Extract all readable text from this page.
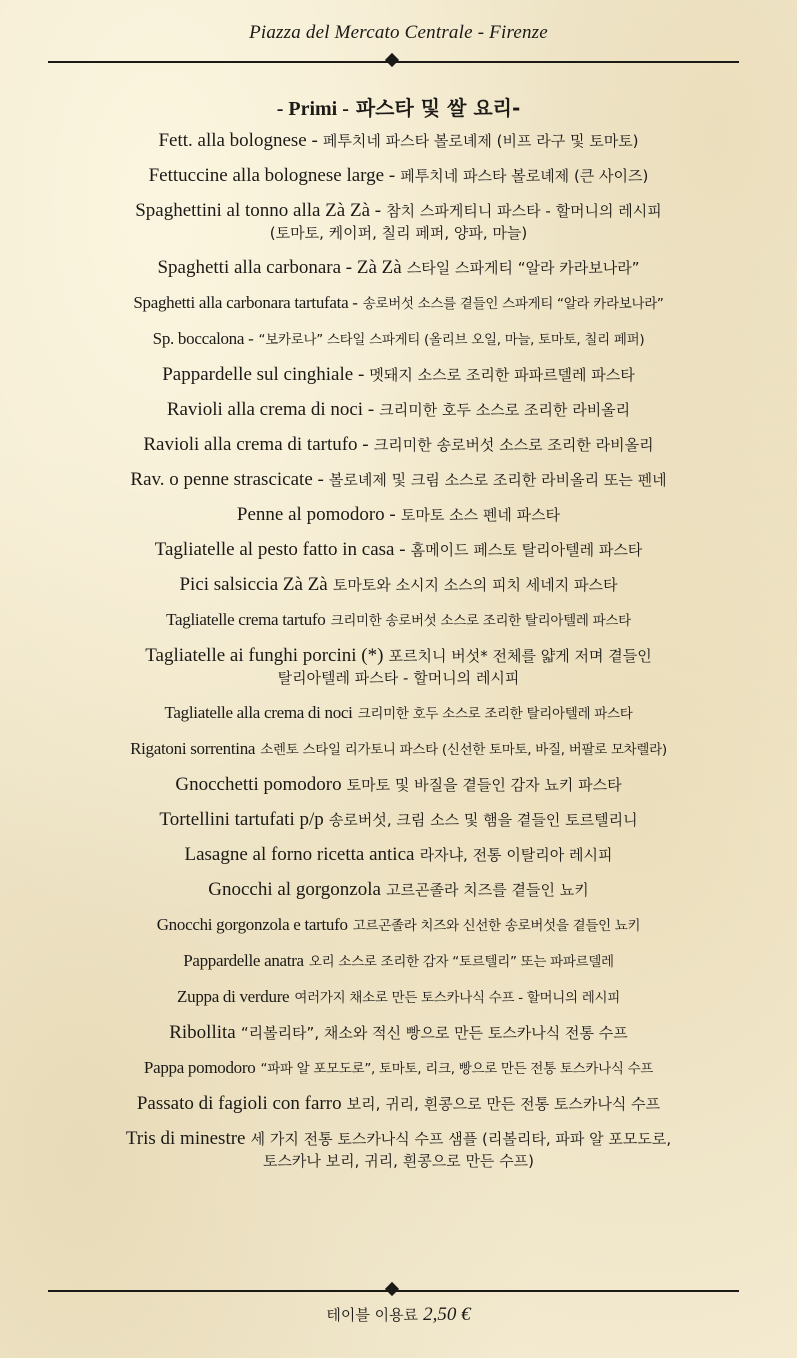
Piazza del Mercato Centrale - Firenze
- Primi - 파스타 및 쌀 요리-
Fett. alla bolognese - 페투치네 파스타 볼로녜제 (비프 라구 및 토마토)
Fettuccine alla bolognese large - 페투치네 파스타 볼로녜제 (큰 사이즈)
Spaghettini al tonno alla Zà Zà - 참치 스파게티니 파스타 - 할머니의 레시피
(토마토, 케이퍼, 칠리 페퍼, 양파, 마늘)
Spaghetti alla carbonara - Zà Zà 스타일 스파게티 “알라 카라보나라”
Spaghetti alla carbonara tartufata - 송로버섯 소스를 곁들인 스파게티 “알라 카라보나라”
Sp. boccalona - “보카로나” 스타일 스파게티 (올리브 오일, 마늘, 토마토, 칠리 페퍼)
Pappardelle sul cinghiale - 멧돼지 소스로 조리한 파파르델레 파스타
Ravioli alla crema di noci - 크리미한 호두 소스로 조리한 라비올리
Ravioli alla crema di tartufo - 크리미한 송로버섯 소스로 조리한 라비올리
Rav. o penne strascicate - 볼로녜제 및 크림 소스로 조리한 라비올리 또는 펜네
Penne al pomodoro - 토마토 소스 펜네 파스타
Tagliatelle al pesto fatto in casa - 홈메이드 페스토 탈리아텔레 파스타
Pici salsiccia Zà Zà 토마토와 소시지 소스의 피치 세네지 파스타
Tagliatelle crema tartufo 크리미한 송로버섯 소스로 조리한 탈리아텔레 파스타
Tagliatelle ai funghi porcini (*) 포르치니 버섯* 전체를 얇게 저며 곁들인
탈리아텔레 파스타 - 할머니의 레시피
Tagliatelle alla crema di noci 크리미한 호두 소스로 조리한 탈리아텔레 파스타
Rigatoni sorrentina 소렌토 스타일 리가토니 파스타 (신선한 토마토, 바질, 버팔로 모차렐라)
Gnocchetti pomodoro 토마토 및 바질을 곁들인 감자 뇨키 파스타
Tortellini tartufati p/p 송로버섯, 크림 소스 및 햄을 곁들인 토르텔리니
Lasagne al forno ricetta antica 라자냐, 전통 이탈리아 레시피
Gnocchi al gorgonzola 고르곤졸라 치즈를 곁들인 뇨키
Gnocchi gorgonzola e tartufo 고르곤졸라 치즈와 신선한 송로버섯을 곁들인 뇨키
Pappardelle anatra 오리 소스로 조리한 감자 “토르텔리” 또는 파파르델레
Zuppa di verdure 여러가지 채소로 만든 토스카나식 수프 - 할머니의 레시피
Ribollita “리볼리타”, 채소와 적신 빵으로 만든 토스카나식 전통 수프
Pappa pomodoro “파파 알 포모도로”, 토마토, 리크, 빵으로 만든 전통 토스카나식 수프
Passato di fagioli con farro 보리, 귀리, 흰콩으로 만든 전통 토스카나식 수프
Tris di minestre 세 가지 전통 토스카나식 수프 샘플 (리볼리타, 파파 알 포모도로,
토스카나 보리, 귀리, 흰콩으로 만든 수프)
테이블 이용료 2,50 €
